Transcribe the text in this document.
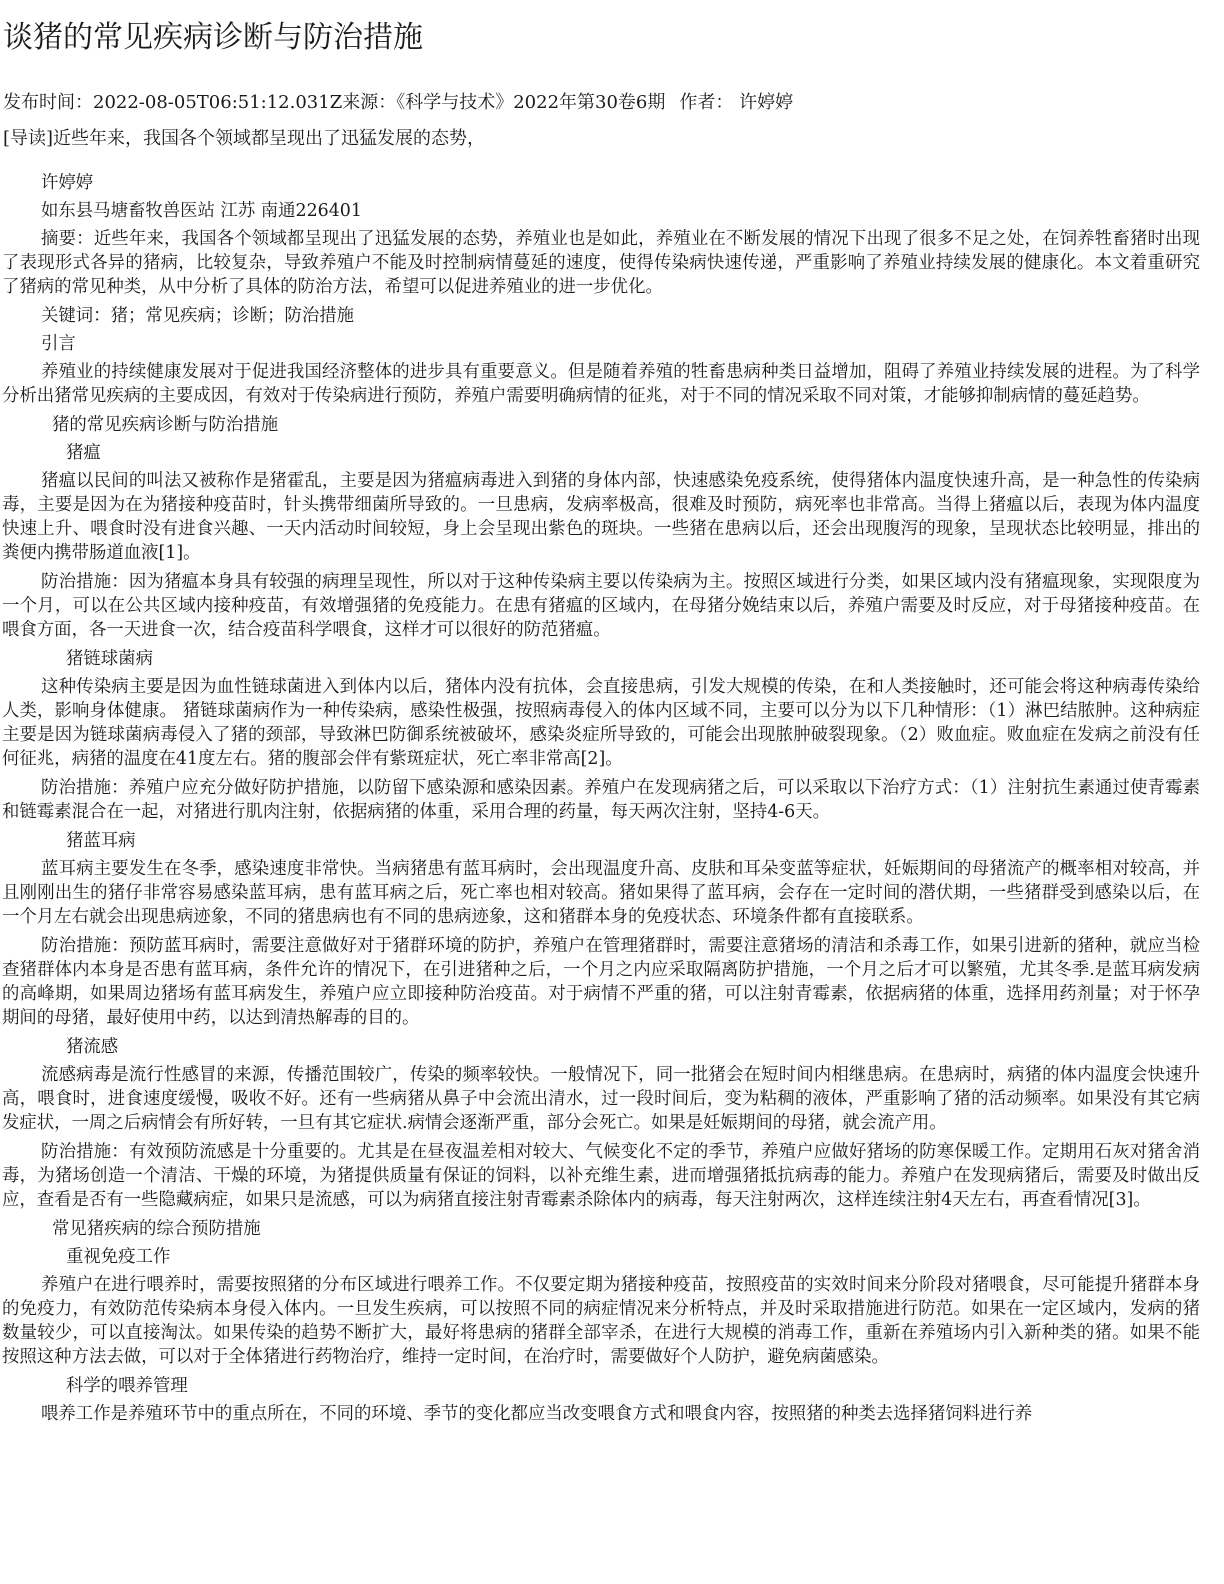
谈猪的常见疾病诊断与防治措施
发布时间：2022-08-05T06:51:12.031Z来源：《科学与技术》2022年第30卷6期 作者： 许婷婷
[导读]近些年来，我国各个领域都呈现出了迅猛发展的态势，

许婷婷

如东县马塘畜牧兽医站 江苏 南通226401

摘要：近些年来，我国各个领域都呈现出了迅猛发展的态势，养殖业也是如此，养殖业在不断发展的情况下出现了很多不足之处，在饲养牲畜猪时出现了表现形式各异的猪病，比较复杂，导致养殖户不能及时控制病情蔓延的速度，使得传染病快速传递，严重影响了养殖业持续发展的健康化。本文着重研究了猪病的常见种类，从中分析了具体的防治方法，希望可以促进养殖业的进一步优化。

关键词：猪；常见疾病；诊断；防治措施

引言

养殖业的持续健康发展对于促进我国经济整体的进步具有重要意义。但是随着养殖的牲畜患病种类日益增加，阻碍了养殖业持续发展的进程。为了科学分析出猪常见疾病的主要成因，有效对于传染病进行预防，养殖户需要明确病情的征兆，对于不同的情况采取不同对策，才能够抑制病情的蔓延趋势。

猪的常见疾病诊断与防治措施

猪瘟

猪瘟以民间的叫法又被称作是猪霍乱，主要是因为猪瘟病毒进入到猪的身体内部，快速感染免疫系统，使得猪体内温度快速升高，是一种急性的传染病毒，主要是因为在为猪接种疫苗时，针头携带细菌所导致的。一旦患病，发病率极高，很难及时预防，病死率也非常高。当得上猪瘟以后，表现为体内温度快速上升、喂食时没有进食兴趣、一天内活动时间较短，身上会呈现出紫色的斑块。一些猪在患病以后，还会出现腹泻的现象，呈现状态比较明显，排出的粪便内携带肠道血液[1]。

防治措施：因为猪瘟本身具有较强的病理呈现性，所以对于这种传染病主要以传染病为主。按照区域进行分类，如果区域内没有猪瘟现象，实现限度为一个月，可以在公共区域内接种疫苗，有效增强猪的免疫能力。在患有猪瘟的区域内，在母猪分娩结束以后，养殖户需要及时反应，对于母猪接种疫苗。在喂食方面，各一天进食一次，结合疫苗科学喂食，这样才可以很好的防范猪瘟。

猪链球菌病

这种传染病主要是因为血性链球菌进入到体内以后，猪体内没有抗体，会直接患病，引发大规模的传染，在和人类接触时，还可能会将这种病毒传染给人类，影响身体健康。 猪链球菌病作为一种传染病，感染性极强，按照病毒侵入的体内区域不同，主要可以分为以下几种情形：（1）淋巴结脓肿。这种病症主要是因为链球菌病毒侵入了猪的颈部，导致淋巴防御系统被破坏，感染炎症所导致的，可能会出现脓肿破裂现象。（2）败血症。败血症在发病之前没有任何征兆，病猪的温度在41度左右。猪的腹部会伴有紫斑症状，死亡率非常高[2]。

防治措施：养殖户应充分做好防护措施，以防留下感染源和感染因素。养殖户在发现病猪之后，可以采取以下治疗方式：（1）注射抗生素通过使青霉素和链霉素混合在一起，对猪进行肌肉注射，依据病猪的体重，采用合理的药量，每天两次注射，坚持4-6天。

猪蓝耳病

蓝耳病主要发生在冬季，感染速度非常快。当病猪患有蓝耳病时，会出现温度升高、皮肤和耳朵变蓝等症状，妊娠期间的母猪流产的概率相对较高，并且刚刚出生的猪仔非常容易感染蓝耳病，患有蓝耳病之后，死亡率也相对较高。猪如果得了蓝耳病，会存在一定时间的潜伏期，一些猪群受到感染以后，在一个月左右就会出现患病迹象，不同的猪患病也有不同的患病迹象，这和猪群本身的免疫状态、环境条件都有直接联系。

防治措施：预防蓝耳病时，需要注意做好对于猪群环境的防护，养殖户在管理猪群时，需要注意猪场的清洁和杀毒工作，如果引进新的猪种，就应当检查猪群体内本身是否患有蓝耳病，条件允许的情况下，在引进猪种之后，一个月之内应采取隔离防护措施，一个月之后才可以繁殖，尤其冬季.是蓝耳病发病的高峰期，如果周边猪场有蓝耳病发生，养殖户应立即接种防治疫苗。对于病情不严重的猪，可以注射青霉素，依据病猪的体重，选择用药剂量；对于怀孕期间的母猪，最好使用中药，以达到清热解毒的目的。

猪流感

流感病毒是流行性感冒的来源，传播范围较广，传染的频率较快。一般情况下，同一批猪会在短时间内相继患病。在患病时，病猪的体内温度会快速升高，喂食时，进食速度缓慢，吸收不好。还有一些病猪从鼻子中会流出清水，过一段时间后，变为粘稠的液体，严重影响了猪的活动频率。如果没有其它病发症状，一周之后病情会有所好转，一旦有其它症状.病情会逐渐严重，部分会死亡。如果是妊娠期间的母猪，就会流产用。

防治措施：有效预防流感是十分重要的。尤其是在昼夜温差相对较大、气候变化不定的季节，养殖户应做好猪场的防寒保暖工作。定期用石灰对猪舍消毒，为猪场创造一个清洁、干燥的环境，为猪提供质量有保证的饲料，以补充维生素，进而增强猪抵抗病毒的能力。养殖户在发现病猪后，需要及时做出反应，查看是否有一些隐藏病症，如果只是流感，可以为病猪直接注射青霉素杀除体内的病毒，每天注射两次，这样连续注射4天左右，再查看情况[3]。

常见猪疾病的综合预防措施

重视免疫工作

养殖户在进行喂养时，需要按照猪的分布区域进行喂养工作。不仅要定期为猪接种疫苗，按照疫苗的实效时间来分阶段对猪喂食，尽可能提升猪群本身的免疫力，有效防范传染病本身侵入体内。一旦发生疾病，可以按照不同的病症情况来分析特点，并及时采取措施进行防范。如果在一定区域内，发病的猪数量较少，可以直接淘汰。如果传染的趋势不断扩大，最好将患病的猪群全部宰杀，在进行大规模的消毒工作，重新在养殖场内引入新种类的猪。如果不能按照这种方法去做，可以对于全体猪进行药物治疗，维持一定时间，在治疗时，需要做好个人防护，避免病菌感染。

科学的喂养管理

喂养工作是养殖环节中的重点所在，不同的环境、季节的变化都应当改变喂食方式和喂食内容，按照猪的种类去选择猪饲料进行养
